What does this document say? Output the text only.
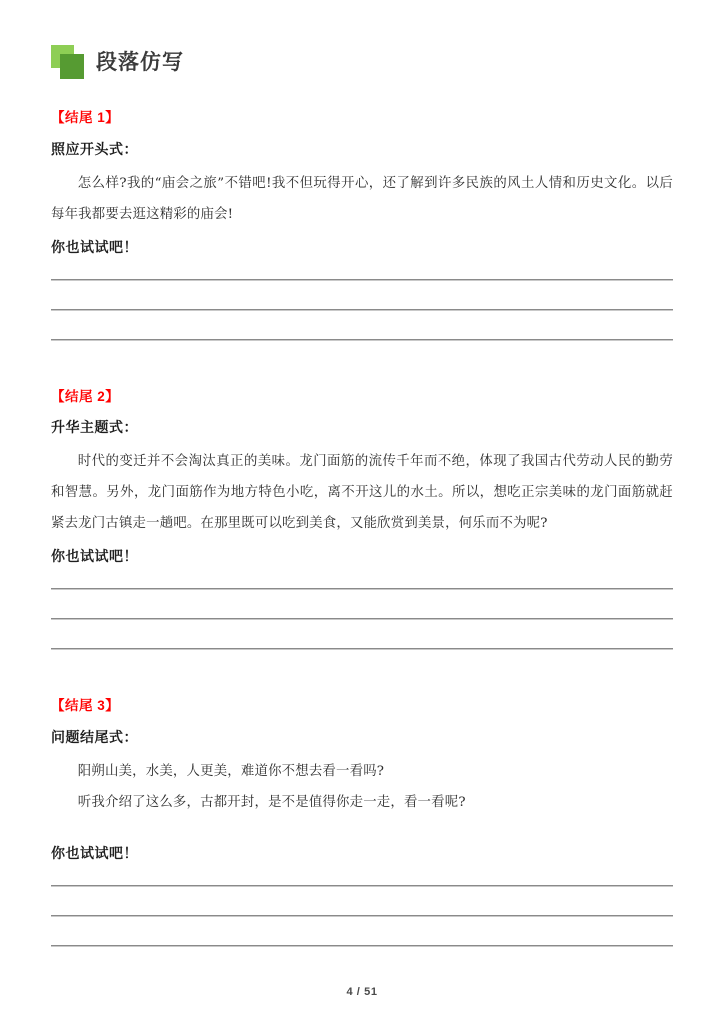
段落仿写
【结尾 1】
照应开头式：
怎么样?我的“庙会之旅”不错吧!我不但玩得开心，还了解到许多民族的风土人情和历史文化。以后每年我都要去逛这精彩的庙会!
你也试试吧！
【结尾 2】
升华主题式：
时代的变迁并不会淘汰真正的美味。龙门面筋的流传千年而不绝，体现了我国古代劳动人民的勤劳和智慧。另外，龙门面筋作为地方特色小吃，离不开这儿的水土。所以，想吃正宗美味的龙门面筋就赶紧去龙门古镇走一趟吧。在那里既可以吃到美食，又能欣赏到美景，何乐而不为呢?
你也试试吧！
【结尾 3】
问题结尾式：
阳朔山美，水美，人更美，难道你不想去看一看吗?
听我介绍了这么多，古都开封，是不是值得你走一走，看一看呢?
你也试试吧！
4 / 51
